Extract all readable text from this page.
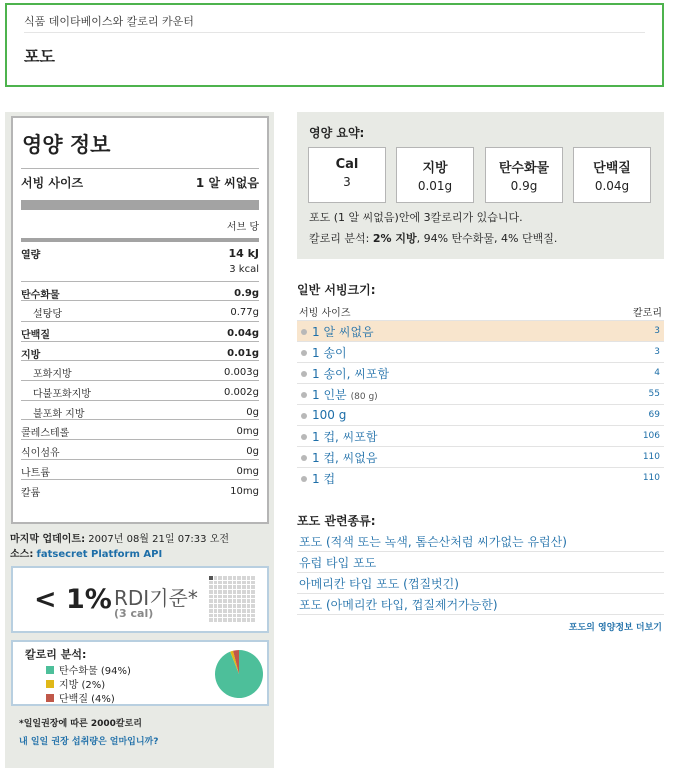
식품 데이타베이스와 칼로리 카운터
포도
영양 정보
서빙 사이즈	1 알 씨없음
서브 당
열량	14 kJ
3 kcal
탄수화물	0.9g
설탕당	0.77g
단백질	0.04g
지방	0.01g
포화지방	0.003g
다불포화지방	0.002g
불포화 지방	0g
콜레스테롤	0mg
식이섬유	0g
나트륨	0mg
칼륨	10mg
마지막 업데이트: 2007년 08월 21일 07:33 오전
소스: fatsecret Platform API
< 1% RDI기준*
(3 cal)
칼로리 분석:
탄수화물 (94%)
지방 (2%)
단백질 (4%)
*일일권장에 따른 2000칼로리
내 일일 권장 섭취량은 얼마입니까?
영양 요약:
Cal
3
지방
0.01g
탄수화물
0.9g
단백질
0.04g
포도 (1 알 씨없음)안에 3칼로리가 있습니다.
칼로리 분석: 2% 지방, 94% 탄수화물, 4% 단백질.
일반 서빙크기:
서빙 사이즈	칼로리
1 알 씨없음	3
1 송이	3
1 송이, 씨포함	4
1 인분 (80 g)	55
100 g	69
1 컵, 씨포함	106
1 컵, 씨없음	110
1 컵	110
포도 관련종류:
포도 (적색 또는 녹색, 톰슨산처럼 씨가없는 유럽산)
유럽 타입 포도
아메리칸 타입 포도 (껍질벗긴)
포도 (아메리칸 타입, 껍질제거가능한)
포도의 영양정보 더보기
